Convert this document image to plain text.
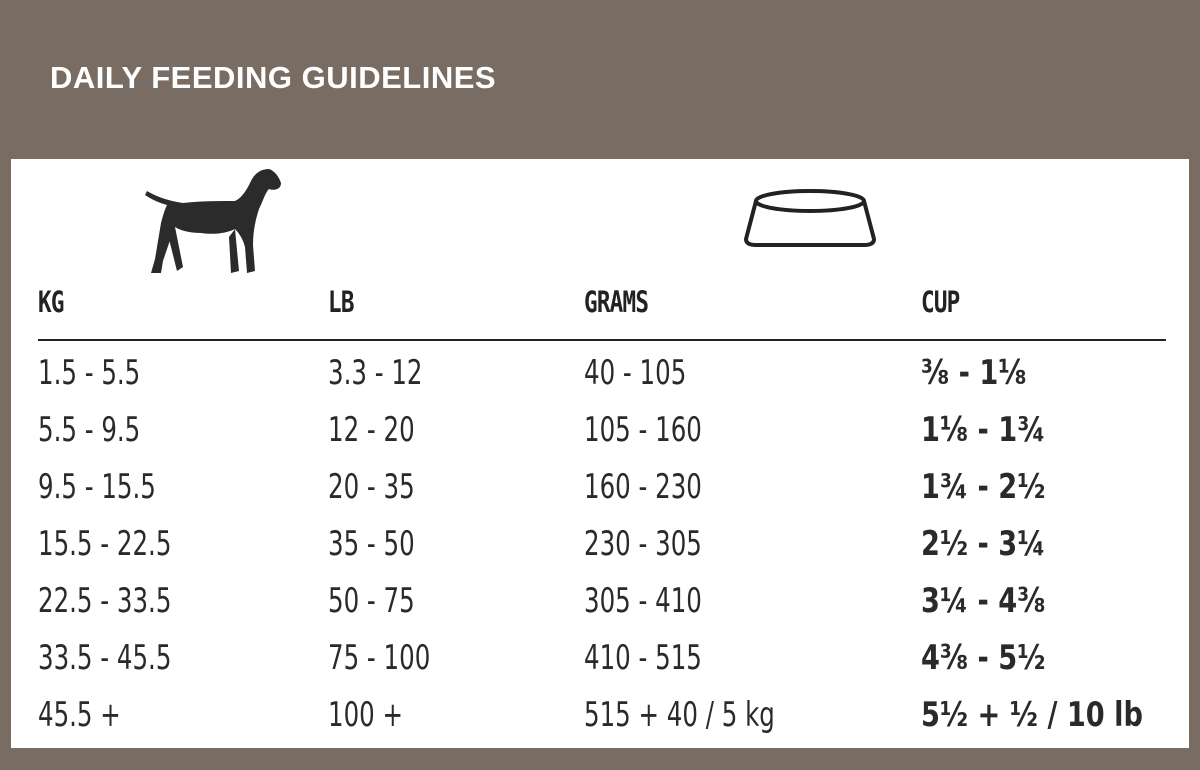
DAILY FEEDING GUIDELINES
KG	LB	GRAMS	CUP
1.5 - 5.5	3.3 - 12	40 - 105	⅜ - 1⅛
5.5 - 9.5	12 - 20	105 - 160	1⅛ - 1¾
9.5 - 15.5	20 - 35	160 - 230	1¾ - 2½
15.5 - 22.5	35 - 50	230 - 305	2½ - 3¼
22.5 - 33.5	50 - 75	305 - 410	3¼ - 4⅜
33.5 - 45.5	75 - 100	410 - 515	4⅜ - 5½
45.5 +	100 +	515 + 40 / 5 kg	5½ + ½ / 10 lb
